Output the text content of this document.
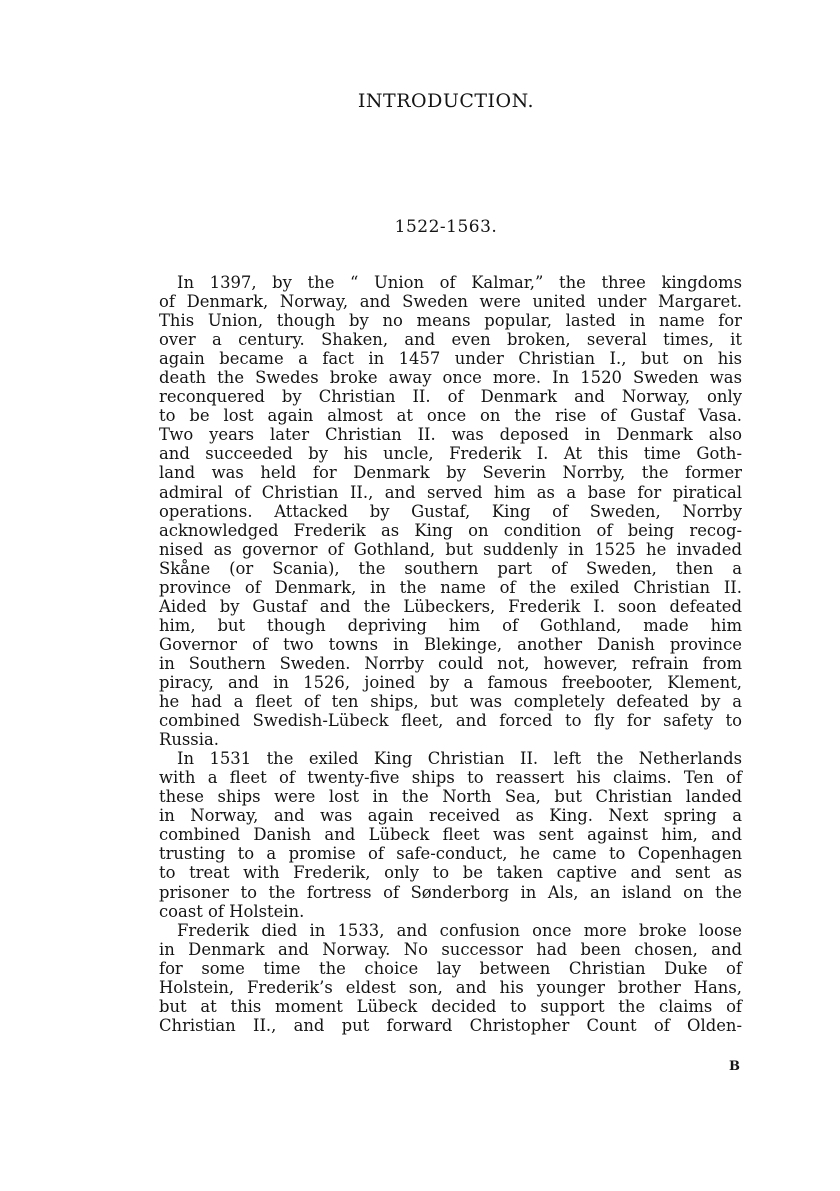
INTRODUCTION.
1522-1563.
In 1397, by the “ Union of Kalmar,” the three kingdoms
of Denmark, Norway, and Sweden were united under Margaret.
This Union, though by no means popular, lasted in name for
over a century. Shaken, and even broken, several times, it
again became a fact in 1457 under Christian I., but on his
death the Swedes broke away once more. In 1520 Sweden was
reconquered by Christian II. of Denmark and Norway, only
to be lost again almost at once on the rise of Gustaf Vasa.
Two years later Christian II. was deposed in Denmark also
and succeeded by his uncle, Frederik I. At this time Goth-
land was held for Denmark by Severin Norrby, the former
admiral of Christian II., and served him as a base for piratical
operations. Attacked by Gustaf, King of Sweden, Norrby
acknowledged Frederik as King on condition of being recog-
nised as governor of Gothland, but suddenly in 1525 he invaded
Skåne (or Scania), the southern part of Sweden, then a
province of Denmark, in the name of the exiled Christian II.
Aided by Gustaf and the Lübeckers, Frederik I. soon defeated
him, but though depriving him of Gothland, made him
Governor of two towns in Blekinge, another Danish province
in Southern Sweden. Norrby could not, however, refrain from
piracy, and in 1526, joined by a famous freebooter, Klement,
he had a fleet of ten ships, but was completely defeated by a
combined Swedish-Lübeck fleet, and forced to fly for safety to
Russia.
In 1531 the exiled King Christian II. left the Netherlands
with a fleet of twenty-five ships to reassert his claims. Ten of
these ships were lost in the North Sea, but Christian landed
in Norway, and was again received as King. Next spring a
combined Danish and Lübeck fleet was sent against him, and
trusting to a promise of safe-conduct, he came to Copenhagen
to treat with Frederik, only to be taken captive and sent as
prisoner to the fortress of Sønderborg in Als, an island on the
coast of Holstein.
Frederik died in 1533, and confusion once more broke loose
in Denmark and Norway. No successor had been chosen, and
for some time the choice lay between Christian Duke of
Holstein, Frederik’s eldest son, and his younger brother Hans,
but at this moment Lübeck decided to support the claims of
Christian II., and put forward Christopher Count of Olden-
B
